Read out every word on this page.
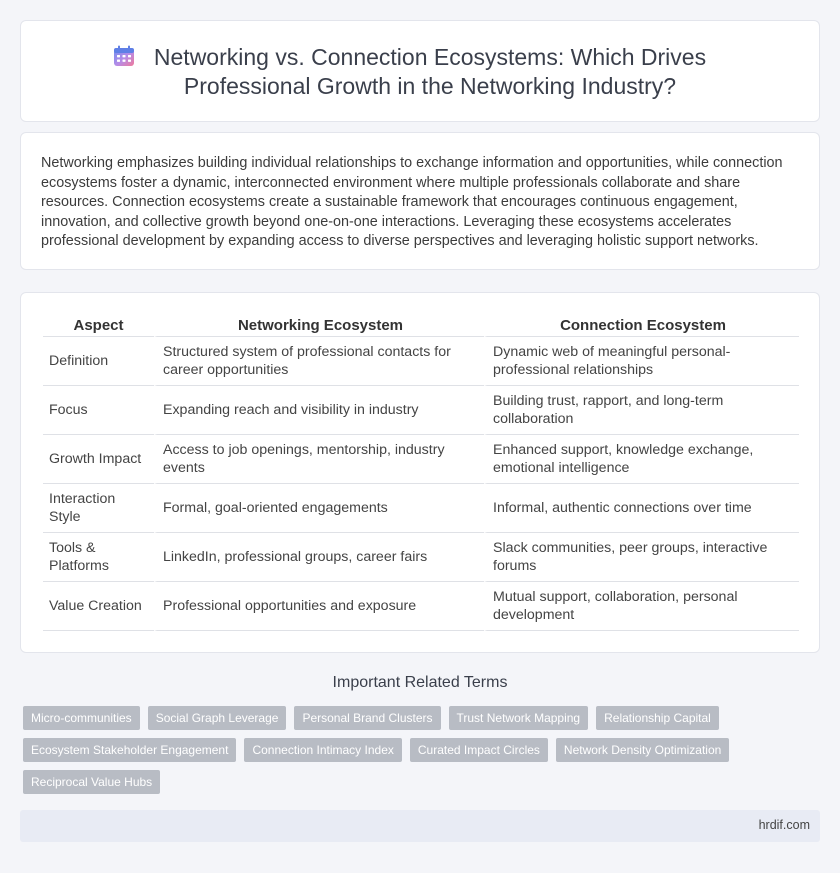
Networking vs. Connection Ecosystems: Which Drives Professional Growth in the Networking Industry?

Networking emphasizes building individual relationships to exchange information and opportunities, while connection ecosystems foster a dynamic, interconnected environment where multiple professionals collaborate and share resources. Connection ecosystems create a sustainable framework that encourages continuous engagement, innovation, and collective growth beyond one-on-one interactions. Leveraging these ecosystems accelerates professional development by expanding access to diverse perspectives and leveraging holistic support networks.

Aspect	Networking Ecosystem	Connection Ecosystem
Definition	Structured system of professional contacts for career opportunities	Dynamic web of meaningful personal-professional relationships
Focus	Expanding reach and visibility in industry	Building trust, rapport, and long-term collaboration
Growth Impact	Access to job openings, mentorship, industry events	Enhanced support, knowledge exchange, emotional intelligence
Interaction Style	Formal, goal-oriented engagements	Informal, authentic connections over time
Tools & Platforms	LinkedIn, professional groups, career fairs	Slack communities, peer groups, interactive forums
Value Creation	Professional opportunities and exposure	Mutual support, collaboration, personal development
Important Related Terms
Micro-communities	Social Graph Leverage	Personal Brand Clusters	Trust Network Mapping	Relationship Capital
Ecosystem Stakeholder Engagement	Connection Intimacy Index	Curated Impact Circles	Network Density Optimization
Reciprocal Value Hubs
hrdif.com
